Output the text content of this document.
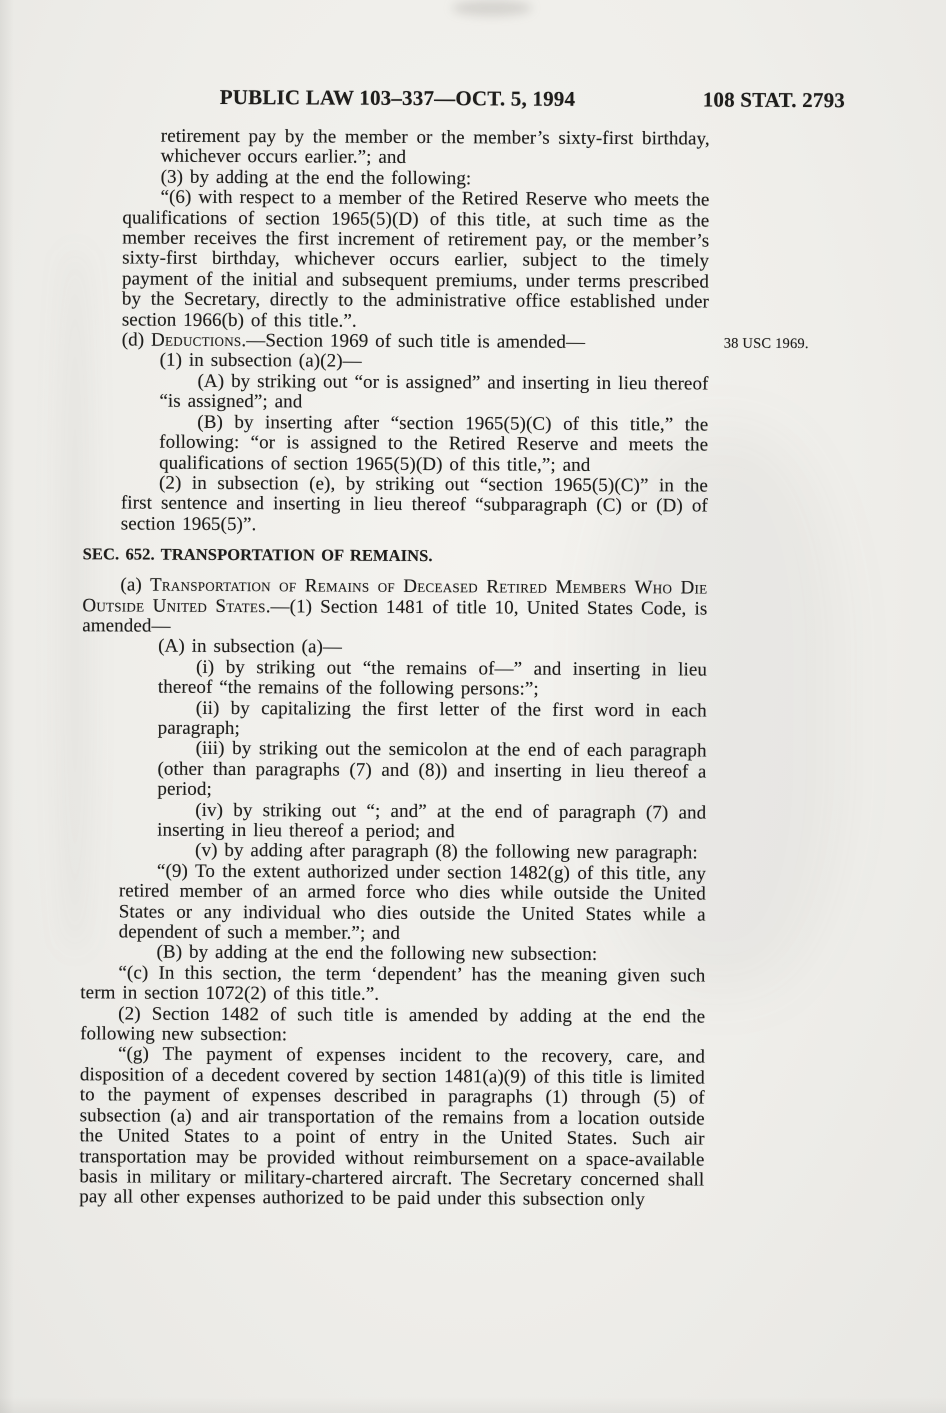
PUBLIC LAW 103–337—OCT. 5, 1994	108 STAT. 2793

retirement pay by the member or the member’s sixty-first birthday, whichever occurs earlier.”; and

(3) by adding at the end the following:

“(6) with respect to a member of the Retired Reserve who meets the qualifications of section 1965(5)(D) of this title, at such time as the member receives the first increment of retirement pay, or the member’s sixty-first birthday, whichever occurs earlier, subject to the timely payment of the initial and subsequent premiums, under terms prescribed by the Secretary, directly to the administrative office established under section 1966(b) of this title.”.

(d) Deductions.—Section 1969 of such title is amended—	38 USC 1969.

(1) in subsection (a)(2)—

(A) by striking out “or is assigned” and inserting in lieu thereof “is assigned”; and

(B) by inserting after “section 1965(5)(C) of this title,” the following: “or is assigned to the Retired Reserve and meets the qualifications of section 1965(5)(D) of this title,”; and

(2) in subsection (e), by striking out “section 1965(5)(C)” in the first sentence and inserting in lieu thereof “subparagraph (C) or (D) of section 1965(5)”.

SEC. 652. TRANSPORTATION OF REMAINS.

(a) Transportation of Remains of Deceased Retired Members Who Die Outside United States.—(1) Section 1481 of title 10, United States Code, is amended—

(A) in subsection (a)—

(i) by striking out “the remains of—” and inserting in lieu thereof “the remains of the following persons:”;

(ii) by capitalizing the first letter of the first word in each paragraph;

(iii) by striking out the semicolon at the end of each paragraph (other than paragraphs (7) and (8)) and inserting in lieu thereof a period;

(iv) by striking out “; and” at the end of paragraph (7) and inserting in lieu thereof a period; and

(v) by adding after paragraph (8) the following new paragraph:

“(9) To the extent authorized under section 1482(g) of this title, any retired member of an armed force who dies while outside the United States or any individual who dies outside the United States while a dependent of such a member.”; and

(B) by adding at the end the following new subsection:

“(c) In this section, the term ‘dependent’ has the meaning given such term in section 1072(2) of this title.”.

(2) Section 1482 of such title is amended by adding at the end the following new subsection:

“(g) The payment of expenses incident to the recovery, care, and disposition of a decedent covered by section 1481(a)(9) of this title is limited to the payment of expenses described in paragraphs (1) through (5) of subsection (a) and air transportation of the remains from a location outside the United States to a point of entry in the United States. Such air transportation may be provided without reimbursement on a space-available basis in military or military-chartered aircraft. The Secretary concerned shall pay all other expenses authorized to be paid under this subsection only
